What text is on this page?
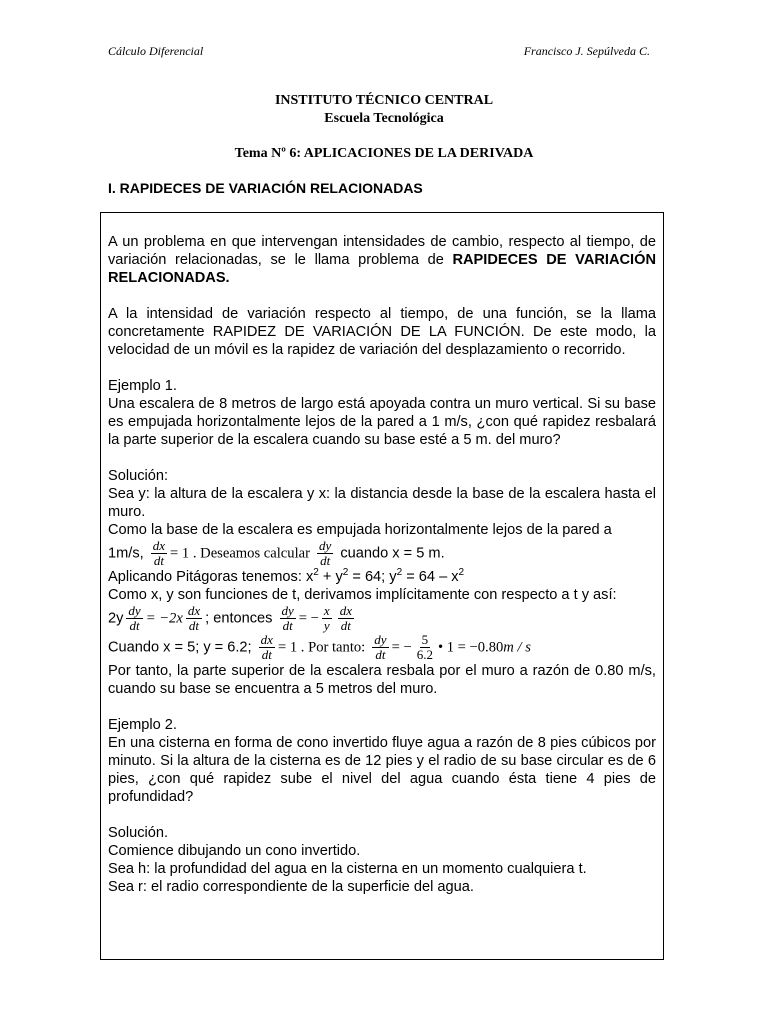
Cálculo Diferencial	Francisco J. Sepúlveda C.
INSTITUTO TÉCNICO CENTRAL
Escuela Tecnológica
Tema Nº 6: APLICACIONES DE LA DERIVADA
I. RAPIDECES DE VARIACIÓN RELACIONADAS

A un problema en que intervengan intensidades de cambio, respecto al tiempo, de variación relacionadas, se le llama problema de RAPIDECES DE VARIACIÓN RELACIONADAS.

A la intensidad de variación respecto al tiempo, de una función, se la llama concretamente RAPIDEZ DE VARIACIÓN DE LA FUNCIÓN. De este modo, la velocidad de un móvil es la rapidez de variación del desplazamiento o recorrido.

Ejemplo 1.

Una escalera de 8 metros de largo está apoyada contra un muro vertical. Si su base es empujada horizontalmente lejos de la pared a 1 m/s, ¿con qué rapidez resbalará la parte superior de la escalera cuando su base esté a 5 m. del muro?

Solución:

Sea y: la altura de la escalera y x: la distancia desde la base de la escalera hasta el muro.

Como la base de la escalera es empujada horizontalmente lejos de la pared a

1m/s, $\frac{dx}{dt} = 1$ . Deseamos calcular $\frac{dy}{dt}$ cuando x = 5 m.

Aplicando Pitágoras tenemos: $x^2 + y^2 = 64$; $y^2 = 64 - x^2$

Como x, y son funciones de t, derivamos implícitamente con respecto a t y así:

$2y \frac{dy}{dt} = -2x \frac{dx}{dt}$ ; entonces $\frac{dy}{dt}$ = − $\frac{x}{y} \frac{dx}{dt}$

Cuando x = 5; y = 6.2; $\frac{dx}{dt} = 1$ . Por tanto: $\frac{dy}{dt}$ = − $\frac{5}{6.2}$ • 1 = −0.80m / s

Por tanto, la parte superior de la escalera resbala por el muro a razón de 0.80 m/s, cuando su base se encuentra a 5 metros del muro.

Ejemplo 2.

En una cisterna en forma de cono invertido fluye agua a razón de 8 pies cúbicos por minuto. Si la altura de la cisterna es de 12 pies y el radio de su base circular es de 6 pies, ¿con qué rapidez sube el nivel del agua cuando ésta tiene 4 pies de profundidad?

Solución.

Comience dibujando un cono invertido.

Sea h: la profundidad del agua en la cisterna en un momento cualquiera t.

Sea r: el radio correspondiente de la superficie del agua.
